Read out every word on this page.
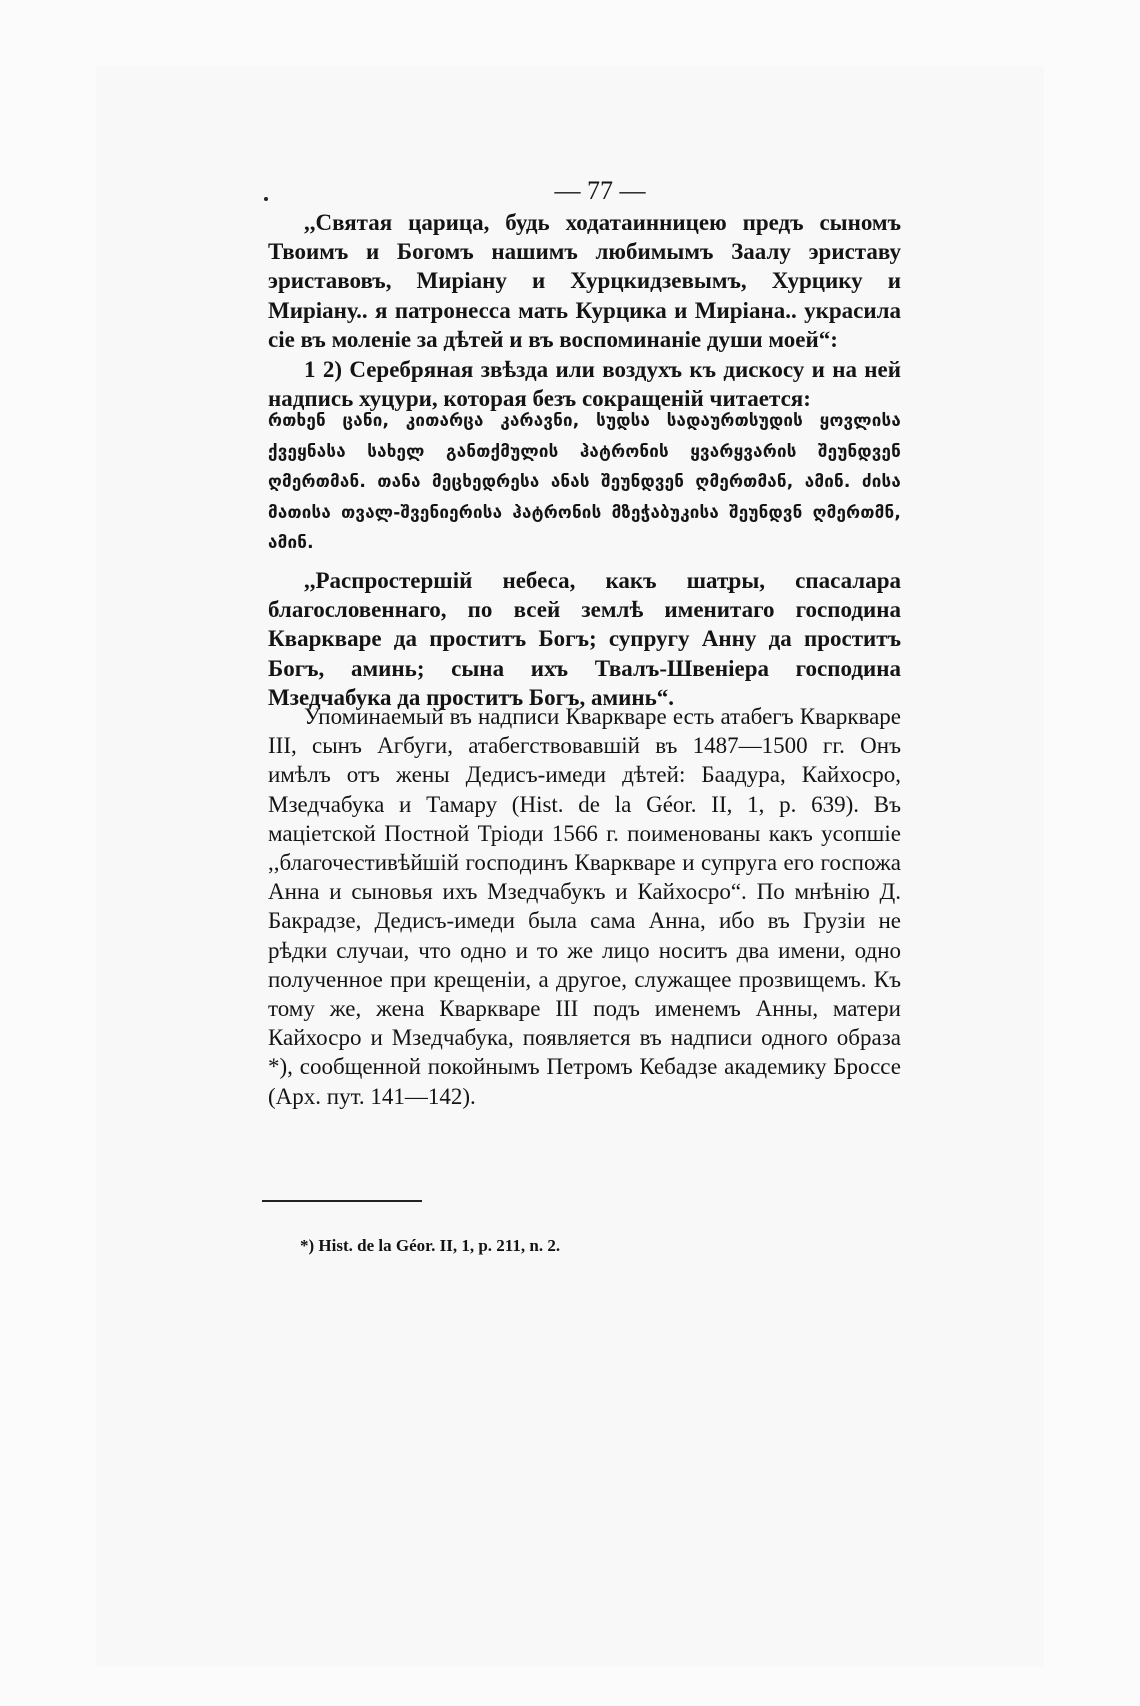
— 77 —

,,Святая царица, будь ходатаинницею предъ сыномъ Твоимъ и Богомъ нашимъ любимымъ Заалу эриставу эриставовъ, Мирiану и Хурцкидзевымъ, Хурцику и Мирiану.. я патронесса мать Курцика и Мирiана.. украсила сiе въ моленiе за дѣтей и въ воспоминанiе души моей“:

1 2) Серебряная звѣзда или воздухъ къ дискосу и на ней надпись хуцури, которая безъ сокращенiй читается:

რთხენ ცანი, კითარცა კარავნი, სუდსა სადაურთსუდის ყოვლისა ქვეყნასა სახელ განთქმულის ჰატრონის ყვარყვარის შეუნდვენ ღმერთმან. თანა მეცხედრესა ანას შეუნდვენ ღმერთმან, ამინ. ძისა მათისა თვალ-შვენიერისა ჰატრონის მზეჭაბუკისა შეუნდვნ ღმერთმნ, ამინ.

,,Распростершiй небеса, какъ шатры, спасалара благословеннаго, по всей землѣ именитаго господина Кваркваре да проститъ Богъ; супругу Анну да проститъ Богъ, аминь; сына ихъ Твалъ-Швенiера господина Мзедчабука да проститъ Богъ, аминь“.

Упоминаемый въ надписи Кваркваре есть атабегъ Кваркваре III, сынъ Агбуги, атабегствовавшiй въ 1487—1500 гг. Онъ имѣлъ отъ жены Дедисъ-имеди дѣтей: Баадура, Кайхосро, Мзедчабука и Тамару (Hist. de la Géor. II, 1, p. 639). Въ мацiетской Постной Трiоди 1566 г. поименованы какъ усопшiе ,,благочестивѣйшiй господинъ Кваркваре и супруга его госпожа Анна и сыновья ихъ Мзедчабукъ и Кайхосро“. По мнѣнiю Д. Бакрадзе, Дедисъ-имеди была сама Анна, ибо въ Грузiи не рѣдки случаи, что одно и то же лицо носитъ два имени, одно полученное при крещенiи, а другое, служащее прозвищемъ. Къ тому же, жена Кваркваре III подъ именемъ Анны, матери Кайхосро и Мзедчабука, появляется въ надписи одного образа *), сообщенной покойнымъ Петромъ Кебадзе академику Броссе (Арх. пут. 141—142).

*) Hist. de la Géor. II, 1, p. 211, n. 2.
